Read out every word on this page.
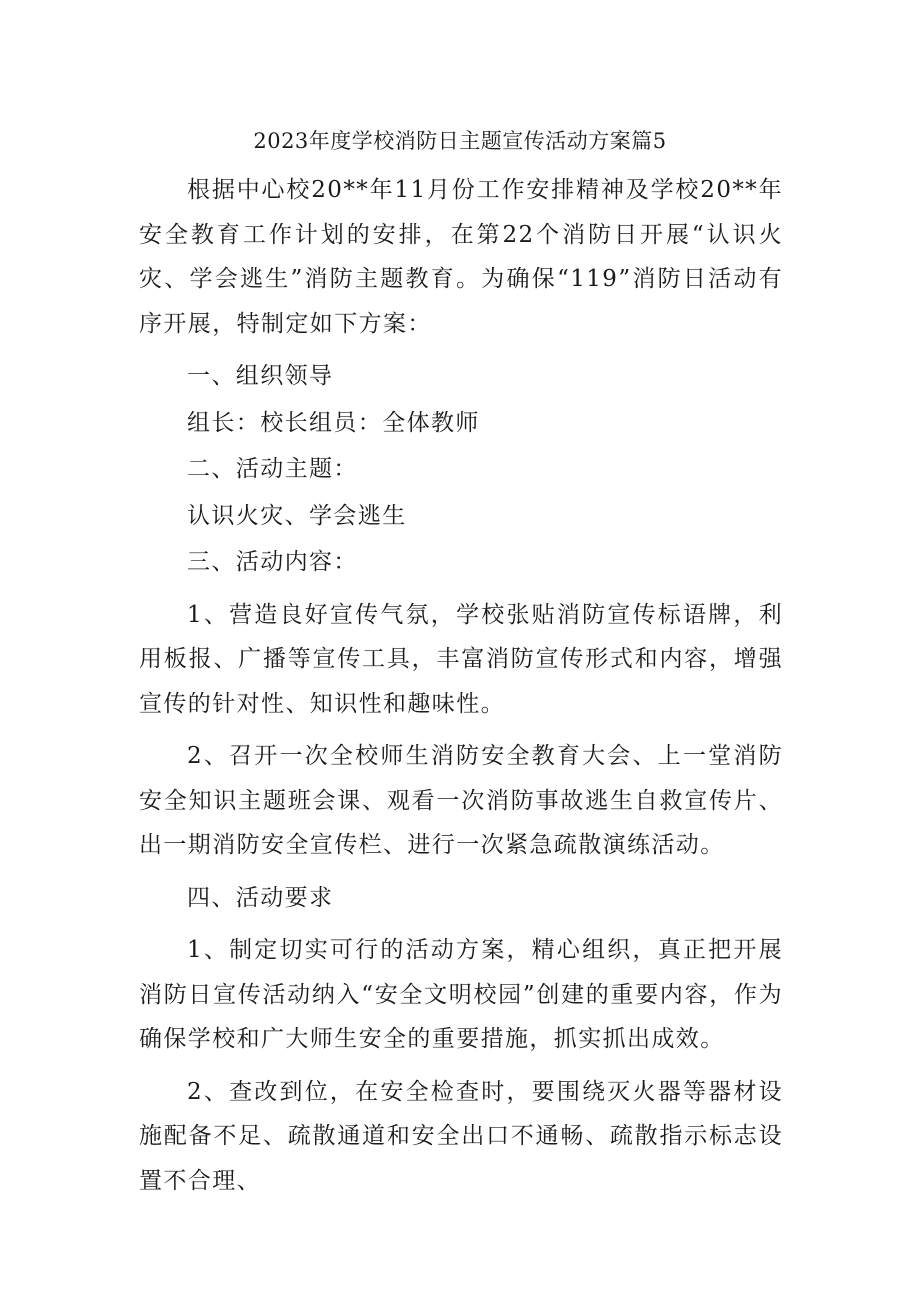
2023年度学校消防日主题宣传活动方案篇5

根据中心校20**年11月份工作安排精神及学校20**年安全教育工作计划的安排，在第22个消防日开展“认识火灾、学会逃生”消防主题教育。为确保“119”消防日活动有序开展，特制定如下方案：

一、组织领导

组长：校长组员：全体教师

二、活动主题：

认识火灾、学会逃生

三、活动内容：

1、营造良好宣传气氛，学校张贴消防宣传标语牌，利用板报、广播等宣传工具，丰富消防宣传形式和内容，增强宣传的针对性、知识性和趣味性。

2、召开一次全校师生消防安全教育大会、上一堂消防安全知识主题班会课、观看一次消防事故逃生自救宣传片、出一期消防安全宣传栏、进行一次紧急疏散演练活动。

四、活动要求

1、制定切实可行的活动方案，精心组织，真正把开展消防日宣传活动纳入“安全文明校园”创建的重要内容，作为确保学校和广大师生安全的重要措施，抓实抓出成效。

2、查改到位，在安全检查时，要围绕灭火器等器材设施配备不足、疏散通道和安全出口不通畅、疏散指示标志设置不合理、
